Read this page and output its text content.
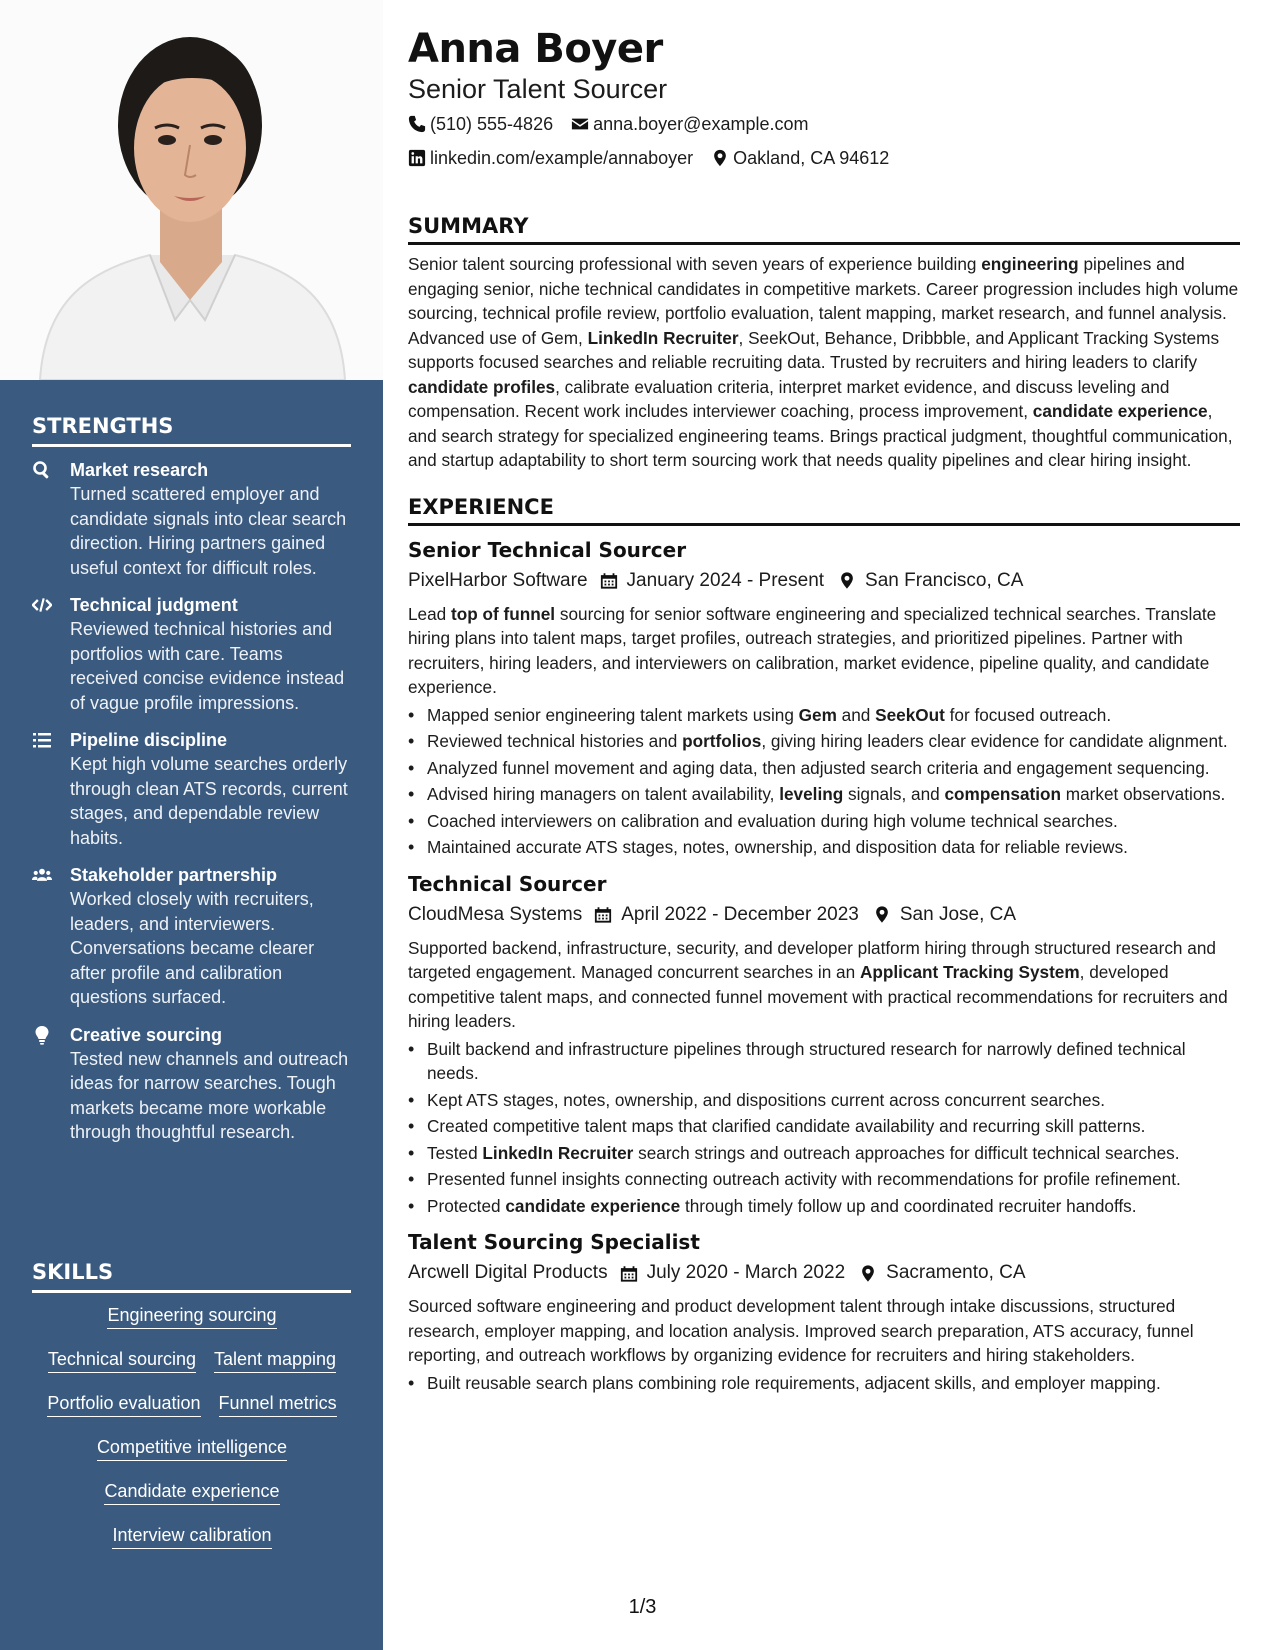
STRENGTHS
Market research
Turned scattered employer and candidate signals into clear search direction. Hiring partners gained useful context for difficult roles.
Technical judgment
Reviewed technical histories and portfolios with care. Teams received concise evidence instead of vague profile impressions.
Pipeline discipline
Kept high volume searches orderly through clean ATS records, current stages, and dependable review habits.
Stakeholder partnership
Worked closely with recruiters, leaders, and interviewers. Conversations became clearer after profile and calibration questions surfaced.
Creative sourcing
Tested new channels and outreach ideas for narrow searches. Tough markets became more workable through thoughtful research.
SKILLS
Engineering sourcing
Technical sourcing Talent mapping
Portfolio evaluation Funnel metrics
Competitive intelligence
Candidate experience
Interview calibration
Anna Boyer
Senior Talent Sourcer
(510) 555-4826 anna.boyer@example.com
linkedin.com/example/annaboyer Oakland, CA 94612
SUMMARY

Senior talent sourcing professional with seven years of experience building engineering pipelines and engaging senior, niche technical candidates in competitive markets. Career progression includes high volume sourcing, technical profile review, portfolio evaluation, talent mapping, market research, and funnel analysis. Advanced use of Gem, LinkedIn Recruiter, SeekOut, Behance, Dribbble, and Applicant Tracking Systems supports focused searches and reliable recruiting data. Trusted by recruiters and hiring leaders to clarify candidate profiles, calibrate evaluation criteria, interpret market evidence, and discuss leveling and compensation. Recent work includes interviewer coaching, process improvement, candidate experience, and search strategy for specialized engineering teams. Brings practical judgment, thoughtful communication, and startup adaptability to short term sourcing work that needs quality pipelines and clear hiring insight.

EXPERIENCE
Senior Technical Sourcer
PixelHarbor Software January 2024 - Present San Francisco, CA

Lead top of funnel sourcing for senior software engineering and specialized technical searches. Translate hiring plans into talent maps, target profiles, outreach strategies, and prioritized pipelines. Partner with recruiters, hiring leaders, and interviewers on calibration, market evidence, pipeline quality, and candidate experience.

• Mapped senior engineering talent markets using Gem and SeekOut for focused outreach.
• Reviewed technical histories and portfolios, giving hiring leaders clear evidence for candidate alignment.
• Analyzed funnel movement and aging data, then adjusted search criteria and engagement sequencing.
• Advised hiring managers on talent availability, leveling signals, and compensation market observations.
• Coached interviewers on calibration and evaluation during high volume technical searches.
• Maintained accurate ATS stages, notes, ownership, and disposition data for reliable reviews.
Technical Sourcer
CloudMesa Systems April 2022 - December 2023 San Jose, CA

Supported backend, infrastructure, security, and developer platform hiring through structured research and targeted engagement. Managed concurrent searches in an Applicant Tracking System, developed competitive talent maps, and connected funnel movement with practical recommendations for recruiters and hiring leaders.

• Built backend and infrastructure pipelines through structured research for narrowly defined technical needs.
• Kept ATS stages, notes, ownership, and dispositions current across concurrent searches.
• Created competitive talent maps that clarified candidate availability and recurring skill patterns.
• Tested LinkedIn Recruiter search strings and outreach approaches for difficult technical searches.
• Presented funnel insights connecting outreach activity with recommendations for profile refinement.
• Protected candidate experience through timely follow up and coordinated recruiter handoffs.
Talent Sourcing Specialist
Arcwell Digital Products July 2020 - March 2022 Sacramento, CA

Sourced software engineering and product development talent through intake discussions, structured research, employer mapping, and location analysis. Improved search preparation, ATS accuracy, funnel reporting, and outreach workflows by organizing evidence for recruiters and hiring stakeholders.

• Built reusable search plans combining role requirements, adjacent skills, and employer mapping.
1/3
